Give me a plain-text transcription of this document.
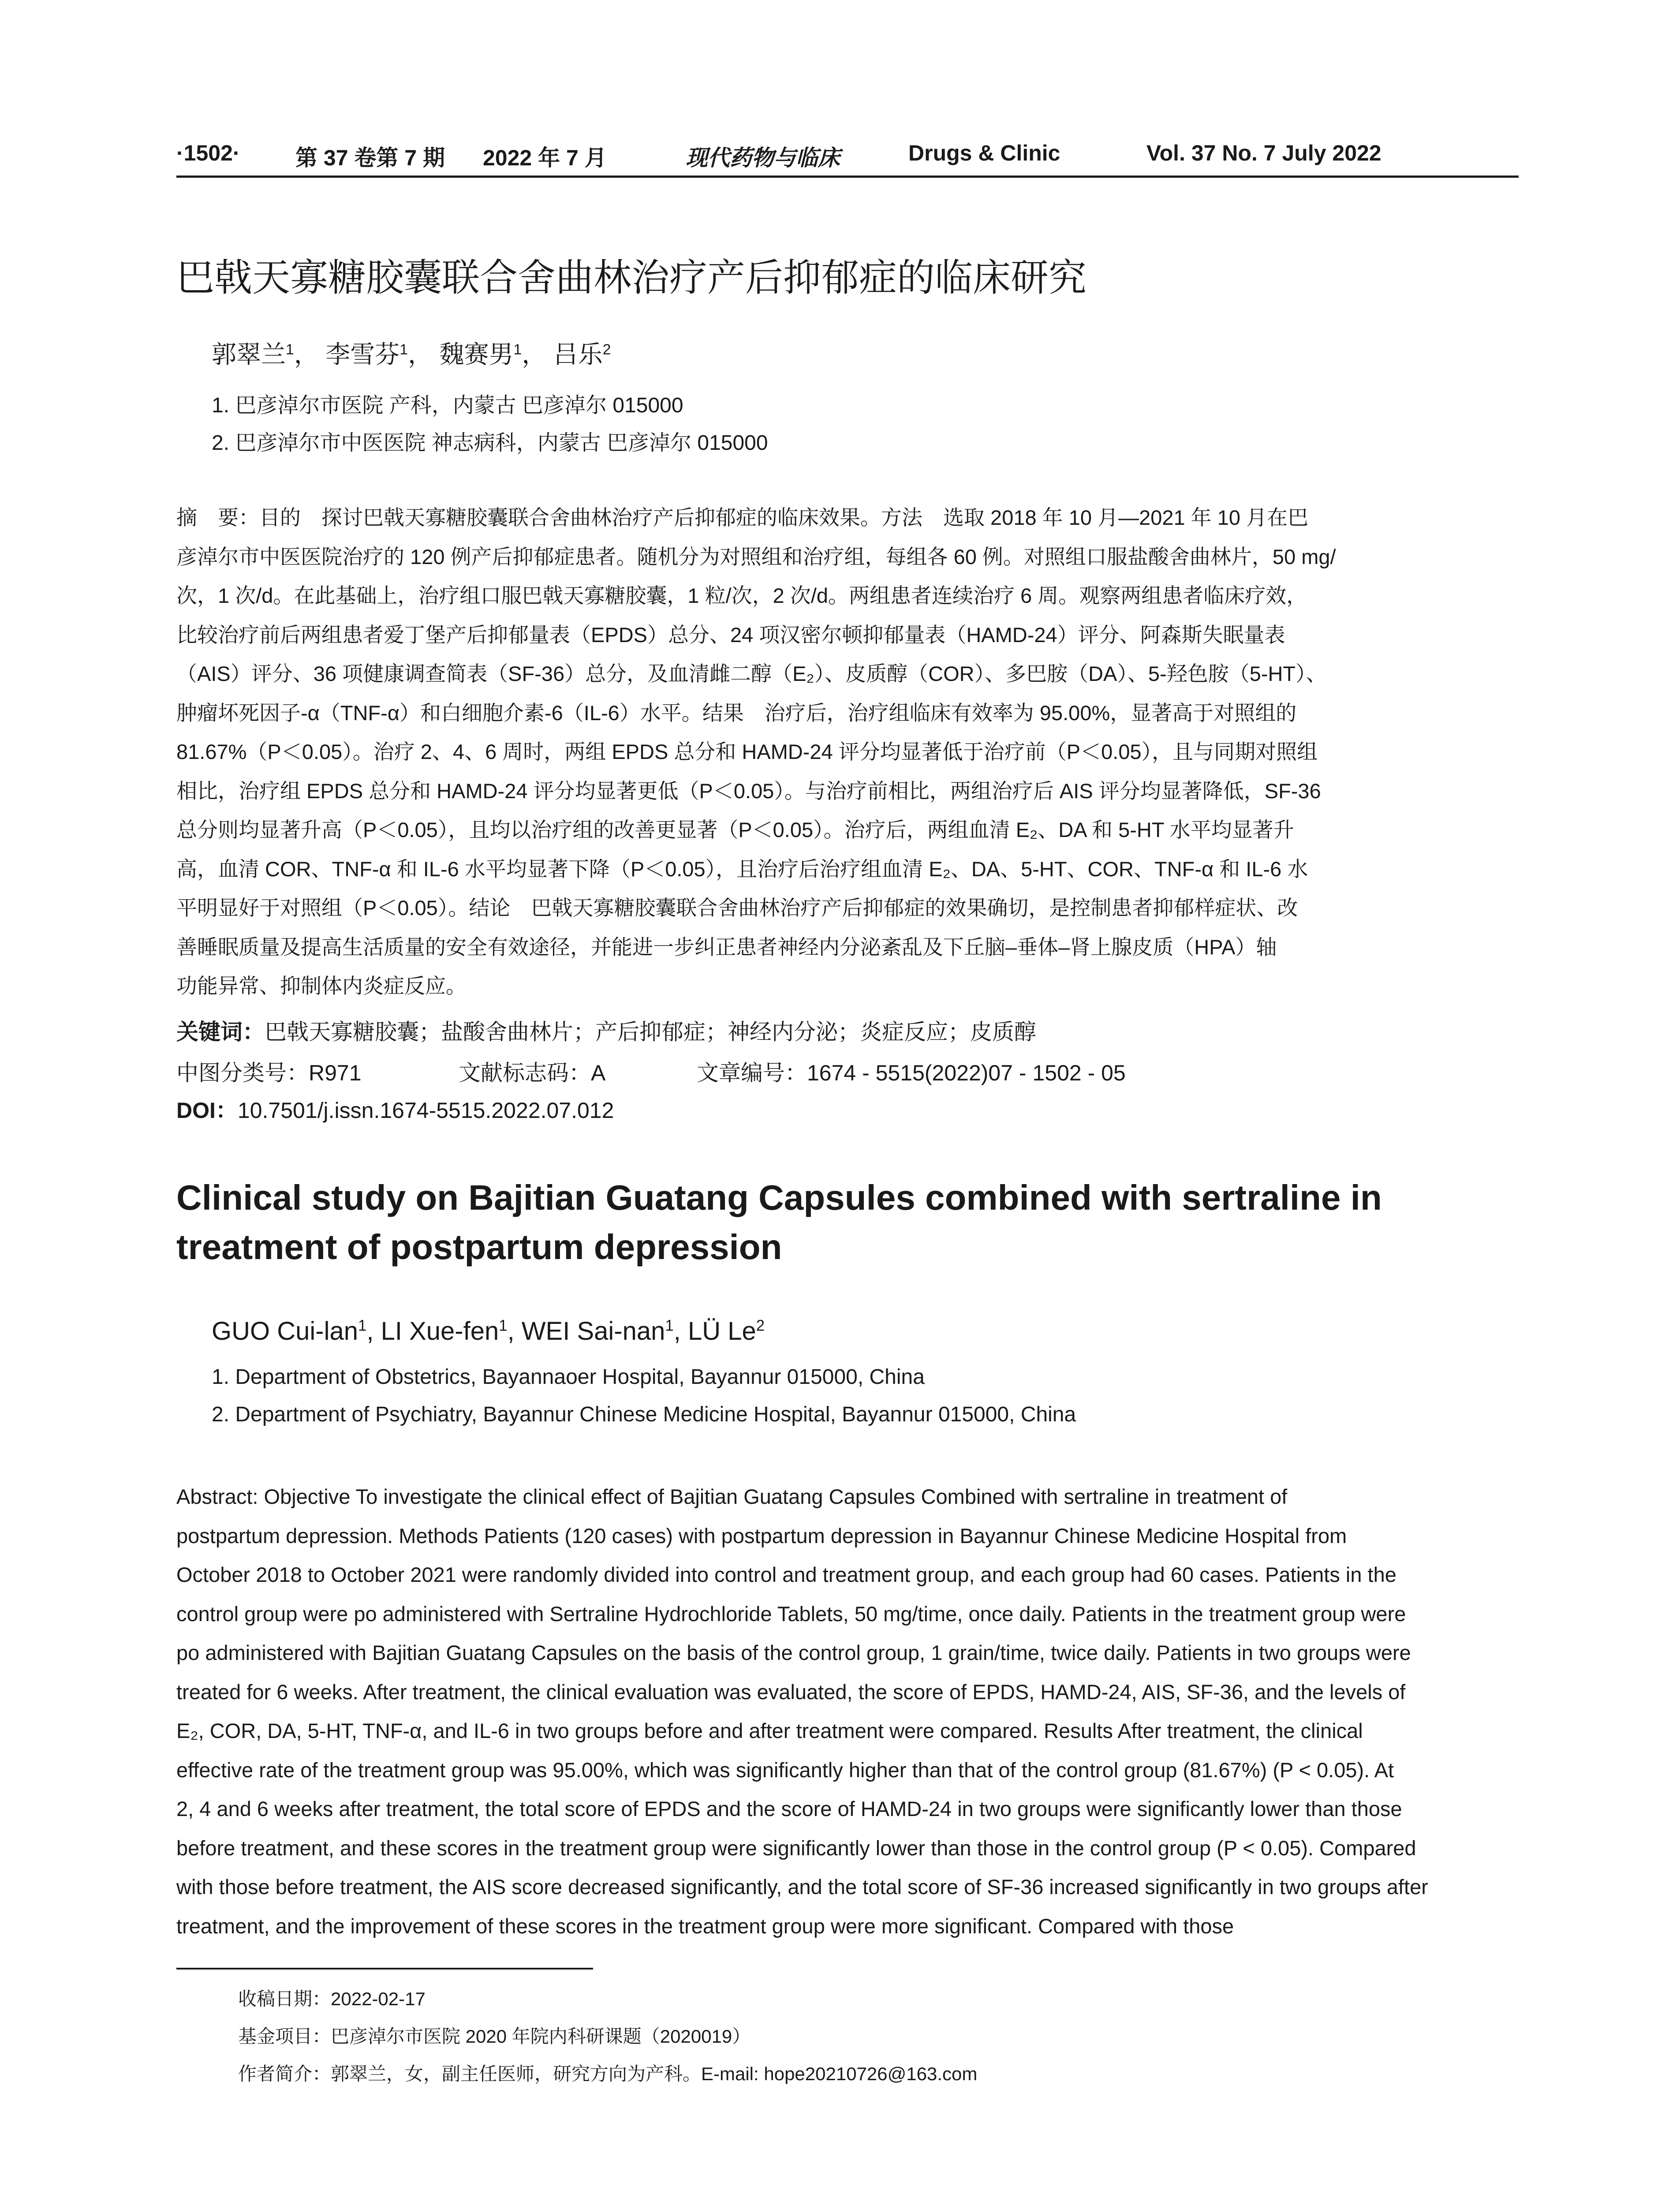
·1502·	第 37 卷第 7 期 2022 年 7 月	现代药物与临床	Drugs & Clinic	Vol. 37 No. 7 July 2022
巴戟天寡糖胶囊联合舍曲林治疗产后抑郁症的临床研究
郭翠兰$^1$， 李雪芬$^1$， 魏赛男$^1$， 吕乐$^2$
1. 巴彦淖尔市医院 产科，内蒙古 巴彦淖尔 015000
2. 巴彦淖尔市中医医院 神志病科，内蒙古 巴彦淖尔 015000
摘　要：目的　探讨巴戟天寡糖胶囊联合舍曲林治疗产后抑郁症的临床效果。方法　选取 2018 年 10 月—2021 年 10 月在巴
彦淖尔市中医医院治疗的 120 例产后抑郁症患者。随机分为对照组和治疗组，每组各 60 例。对照组口服盐酸舍曲林片，50 mg/
次，1 次/d。在此基础上，治疗组口服巴戟天寡糖胶囊，1 粒/次，2 次/d。两组患者连续治疗 6 周。观察两组患者临床疗效，
比较治疗前后两组患者爱丁堡产后抑郁量表（EPDS）总分、24 项汉密尔顿抑郁量表（HAMD-24）评分、阿森斯失眠量表
（AIS）评分、36 项健康调查简表（SF-36）总分，及血清雌二醇（E₂）、皮质醇（COR）、多巴胺（DA）、5-羟色胺（5-HT）、
肿瘤坏死因子-α（TNF-α）和白细胞介素-6（IL-6）水平。结果　治疗后，治疗组临床有效率为 95.00%，显著高于对照组的
81.67%（P＜0.05）。治疗 2、4、6 周时，两组 EPDS 总分和 HAMD-24 评分均显著低于治疗前（P＜0.05），且与同期对照组
相比，治疗组 EPDS 总分和 HAMD-24 评分均显著更低（P＜0.05）。与治疗前相比，两组治疗后 AIS 评分均显著降低，SF-36
总分则均显著升高（P＜0.05），且均以治疗组的改善更显著（P＜0.05）。治疗后，两组血清 E₂、DA 和 5-HT 水平均显著升
高，血清 COR、TNF-α 和 IL-6 水平均显著下降（P＜0.05），且治疗后治疗组血清 E₂、DA、5-HT、COR、TNF-α 和 IL-6 水
平明显好于对照组（P＜0.05）。结论　巴戟天寡糖胶囊联合舍曲林治疗产后抑郁症的效果确切，是控制患者抑郁样症状、改
善睡眠质量及提高生活质量的安全有效途径，并能进一步纠正患者神经内分泌紊乱及下丘脑–垂体–肾上腺皮质（HPA）轴
功能异常、抑制体内炎症反应。
关键词：巴戟天寡糖胶囊；盐酸舍曲林片；产后抑郁症；神经内分泌；炎症反应；皮质醇
中图分类号：R971	文献标志码：A	文章编号：1674 - 5515(2022)07 - 1502 - 05
DOI：10.7501/j.issn.1674-5515.2022.07.012
Clinical study on Bajitian Guatang Capsules combined with sertraline in treatment of postpartum depression
GUO Cui-lan$^1$, LI Xue-fen$^1$, WEI Sai-nan$^1$, LÜ Le$^2$
1. Department of Obstetrics, Bayannaoer Hospital, Bayannur 015000, China
2. Department of Psychiatry, Bayannur Chinese Medicine Hospital, Bayannur 015000, China
Abstract: Objective To investigate the clinical effect of Bajitian Guatang Capsules Combined with sertraline in treatment of
postpartum depression. Methods Patients (120 cases) with postpartum depression in Bayannur Chinese Medicine Hospital from
October 2018 to October 2021 were randomly divided into control and treatment group, and each group had 60 cases. Patients in the
control group were po administered with Sertraline Hydrochloride Tablets, 50 mg/time, once daily. Patients in the treatment group were
po administered with Bajitian Guatang Capsules on the basis of the control group, 1 grain/time, twice daily. Patients in two groups were
treated for 6 weeks. After treatment, the clinical evaluation was evaluated, the score of EPDS, HAMD-24, AIS, SF-36, and the levels of
E₂, COR, DA, 5-HT, TNF-α, and IL-6 in two groups before and after treatment were compared. Results After treatment, the clinical
effective rate of the treatment group was 95.00%, which was significantly higher than that of the control group (81.67%) (P < 0.05). At
2, 4 and 6 weeks after treatment, the total score of EPDS and the score of HAMD-24 in two groups were significantly lower than those
before treatment, and these scores in the treatment group were significantly lower than those in the control group (P < 0.05). Compared
with those before treatment, the AIS score decreased significantly, and the total score of SF-36 increased significantly in two groups after
treatment, and the improvement of these scores in the treatment group were more significant. Compared with those
收稿日期：2022-02-17
基金项目：巴彦淖尔市医院 2020 年院内科研课题（2020019）
作者简介：郭翠兰，女，副主任医师，研究方向为产科。E-mail: hope20210726@163.com
